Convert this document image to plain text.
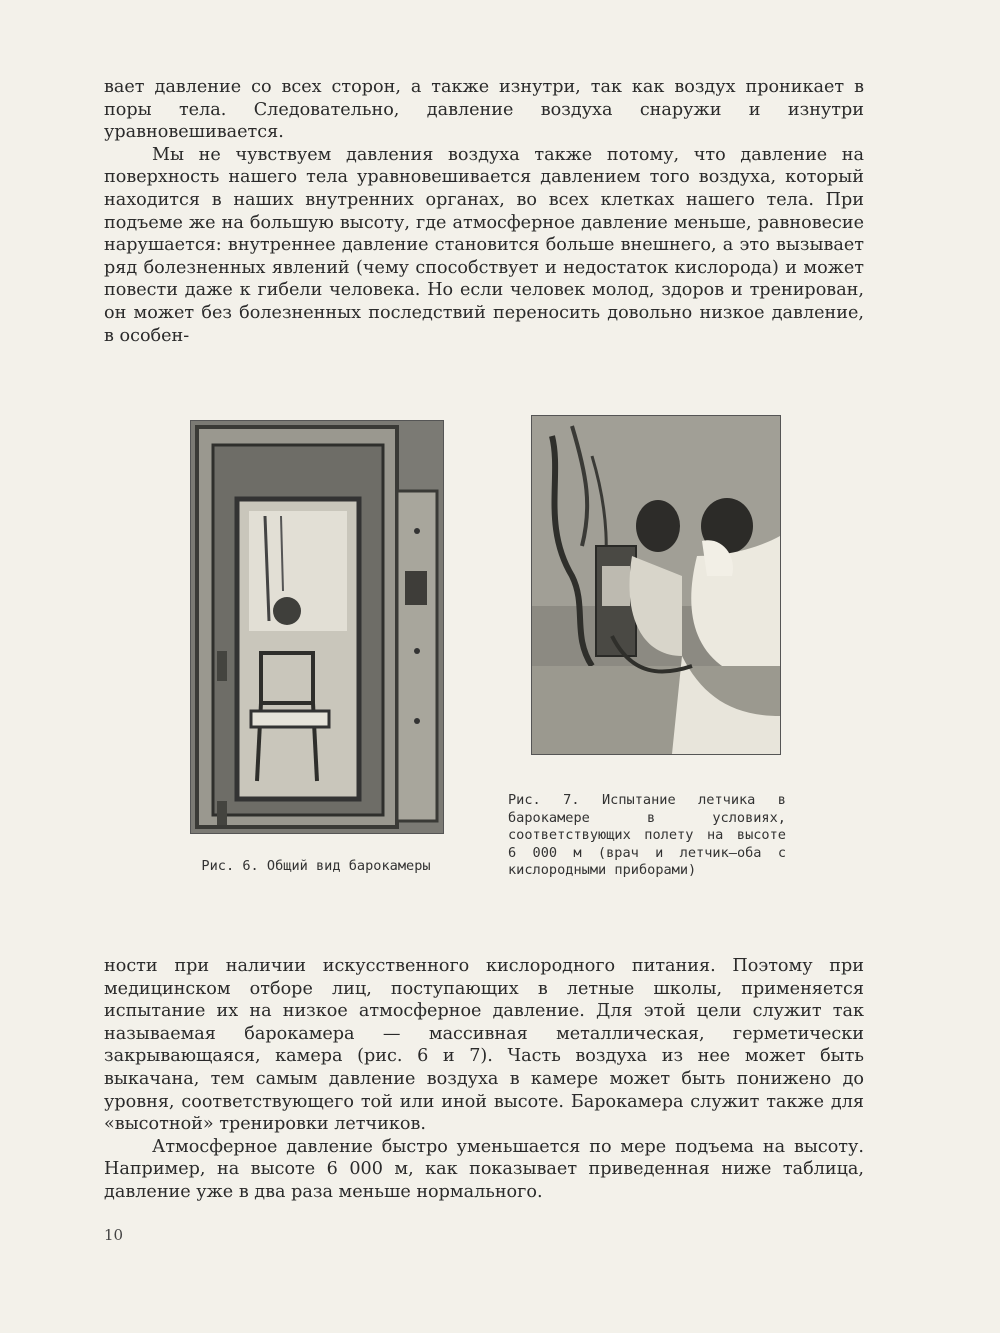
вает давление со всех сторон, а также изнутри, так как воздух проникает в поры тела. Следовательно, давление воздуха снаружи и изнутри уравновешивается.

Мы не чувствуем давления воздуха также потому, что давление на поверхность нашего тела уравновешивается давлением того воздуха, который находится в наших внутренних органах, во всех клетках нашего тела. При подъеме же на большую высоту, где атмосферное давление меньше, равновесие нарушается: внутреннее давление становится больше внешнего, а это вызывает ряд болезненных явлений (чему способствует и недостаток кислорода) и может повести даже к гибели человека. Но если человек молод, здоров и тренирован, он может без болезненных последствий переносить довольно низкое давление, в особен-

Рис. 7. Испытание летчика в барокамере в условиях, соответствующих полету на высоте 6 000 м (врач и летчик—оба с кислородными приборами)
Рис. 6. Общий вид барокамеры

ности при наличии искусственного кислородного питания. Поэтому при медицинском отборе лиц, поступающих в летные школы, применяется испытание их на низкое атмосферное давление. Для этой цели служит так называемая барокамера — массивная металлическая, герметически закрывающаяся, камера (рис. 6 и 7). Часть воздуха из нее может быть выкачана, тем самым давление воздуха в камере может быть понижено до уровня, соответствующего той или иной высоте. Барокамера служит также для «высотной» тренировки летчиков.

Атмосферное давление быстро уменьшается по мере подъема на высоту. Например, на высоте 6 000 м, как показывает приведенная ниже таблица, давление уже в два раза меньше нормального.

10
